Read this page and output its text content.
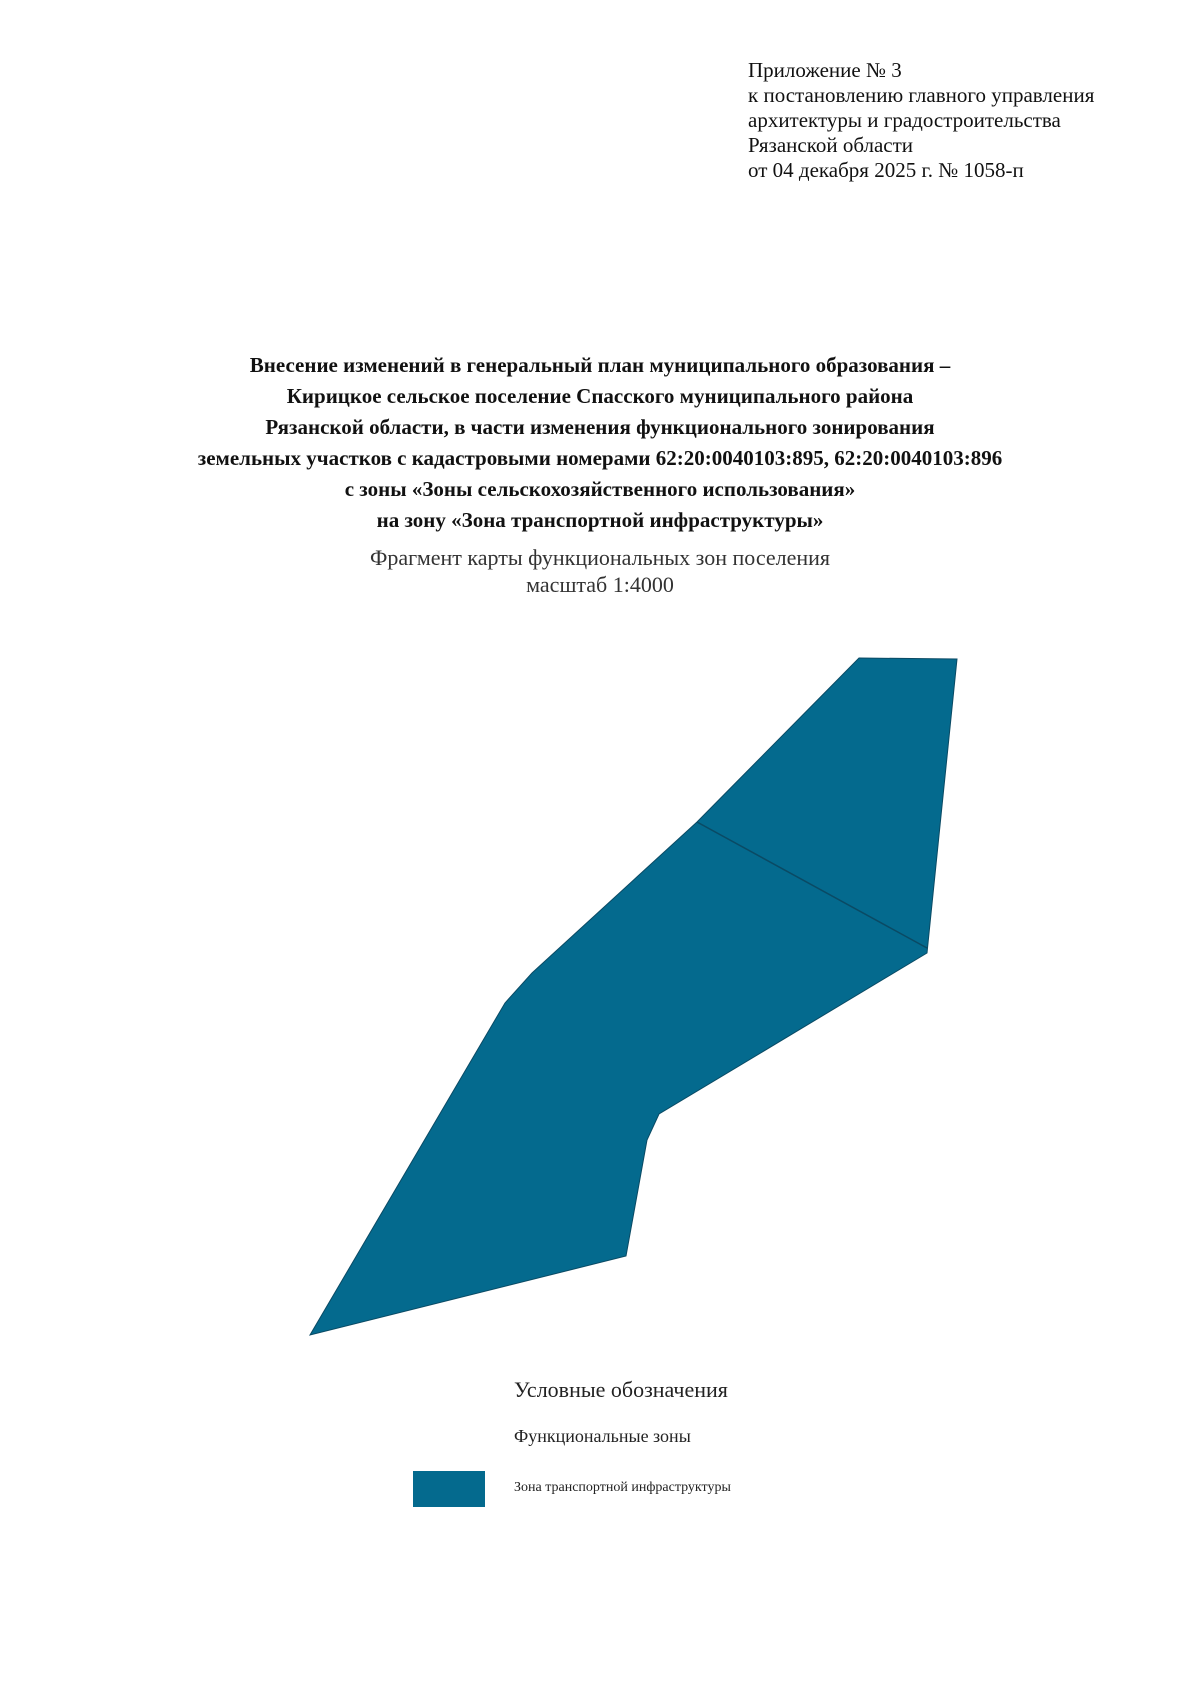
Приложение № 3
к постановлению главного управления
архитектуры и градостроительства
Рязанской области
от 04 декабря 2025 г. № 1058-п
Внесение изменений в генеральный план муниципального образования –
Кирицкое сельское поселение Спасского муниципального района
Рязанской области, в части изменения функционального зонирования
земельных участков с кадастровыми номерами 62:20:0040103:895, 62:20:0040103:896
с зоны «Зоны сельскохозяйственного использования»
на зону «Зона транспортной инфраструктуры»
Фрагмент карты функциональных зон поселения
масштаб 1:4000
Условные обозначения
Функциональные зоны
Зона транспортной инфраструктуры
